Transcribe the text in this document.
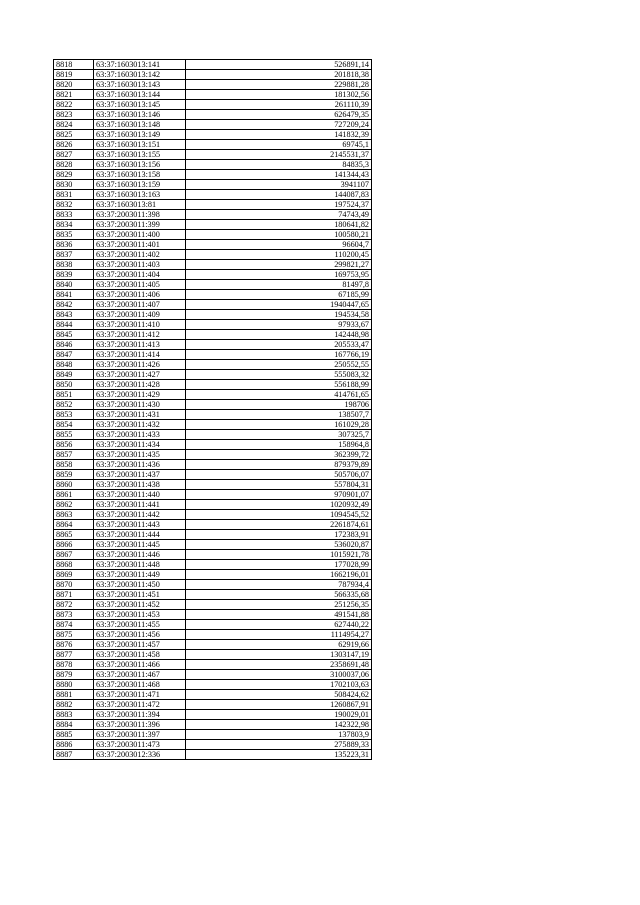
8818	63:37:1603013:141	526891,14
8819	63:37:1603013:142	201818,38
8820	63:37:1603013:143	229881,28
8821	63:37:1603013:144	181302,56
8822	63:37:1603013:145	261110,39
8823	63:37:1603013:146	626479,35
8824	63:37:1603013:148	727209,24
8825	63:37:1603013:149	141832,39
8826	63:37:1603013:151	69745,1
8827	63:37:1603013:155	2145531,37
8828	63:37:1603013:156	84835,3
8829	63:37:1603013:158	141344,43
8830	63:37:1603013:159	3941107
8831	63:37:1603013:163	144087,83
8832	63:37:1603013:81	197524,37
8833	63:37:2003011:398	74743,49
8834	63:37:2003011:399	180641,82
8835	63:37:2003011:400	100580,21
8836	63:37:2003011:401	96604,7
8837	63:37:2003011:402	110200,45
8838	63:37:2003011:403	299821,27
8839	63:37:2003011:404	169753,95
8840	63:37:2003011:405	81497,8
8841	63:37:2003011:406	67185,99
8842	63:37:2003011:407	1940447,65
8843	63:37:2003011:409	194534,58
8844	63:37:2003011:410	97933,67
8845	63:37:2003011:412	142448,98
8846	63:37:2003011:413	205533,47
8847	63:37:2003011:414	167766,19
8848	63:37:2003011:426	250552,55
8849	63:37:2003011:427	555083,32
8850	63:37:2003011:428	556188,99
8851	63:37:2003011:429	414761,65
8852	63:37:2003011:430	198706
8853	63:37:2003011:431	138507,7
8854	63:37:2003011:432	161029,28
8855	63:37:2003011:433	307325,7
8856	63:37:2003011:434	158964,8
8857	63:37:2003011:435	362399,72
8858	63:37:2003011:436	879379,89
8859	63:37:2003011:437	505706,07
8860	63:37:2003011:438	557804,31
8861	63:37:2003011:440	970901,07
8862	63:37:2003011:441	1020932,49
8863	63:37:2003011:442	1094545,52
8864	63:37:2003011:443	2261874,61
8865	63:37:2003011:444	172383,91
8866	63:37:2003011:445	536020,87
8867	63:37:2003011:446	1015921,78
8868	63:37:2003011:448	177028,99
8869	63:37:2003011:449	1662196,01
8870	63:37:2003011:450	787934,4
8871	63:37:2003011:451	566335,68
8872	63:37:2003011:452	251256,35
8873	63:37:2003011:453	491541,88
8874	63:37:2003011:455	627440,22
8875	63:37:2003011:456	1114954,27
8876	63:37:2003011:457	62919,66
8877	63:37:2003011:458	1303147,19
8878	63:37:2003011:466	2358691,48
8879	63:37:2003011:467	3100037,06
8880	63:37:2003011:468	1702103,63
8881	63:37:2003011:471	508424,62
8882	63:37:2003011:472	1260867,91
8883	63:37:2003011:394	190029,01
8884	63:37:2003011:396	142322,98
8885	63:37:2003011:397	137803,9
8886	63:37:2003011:473	275889,33
8887	63:37:2003012:336	135223,31
